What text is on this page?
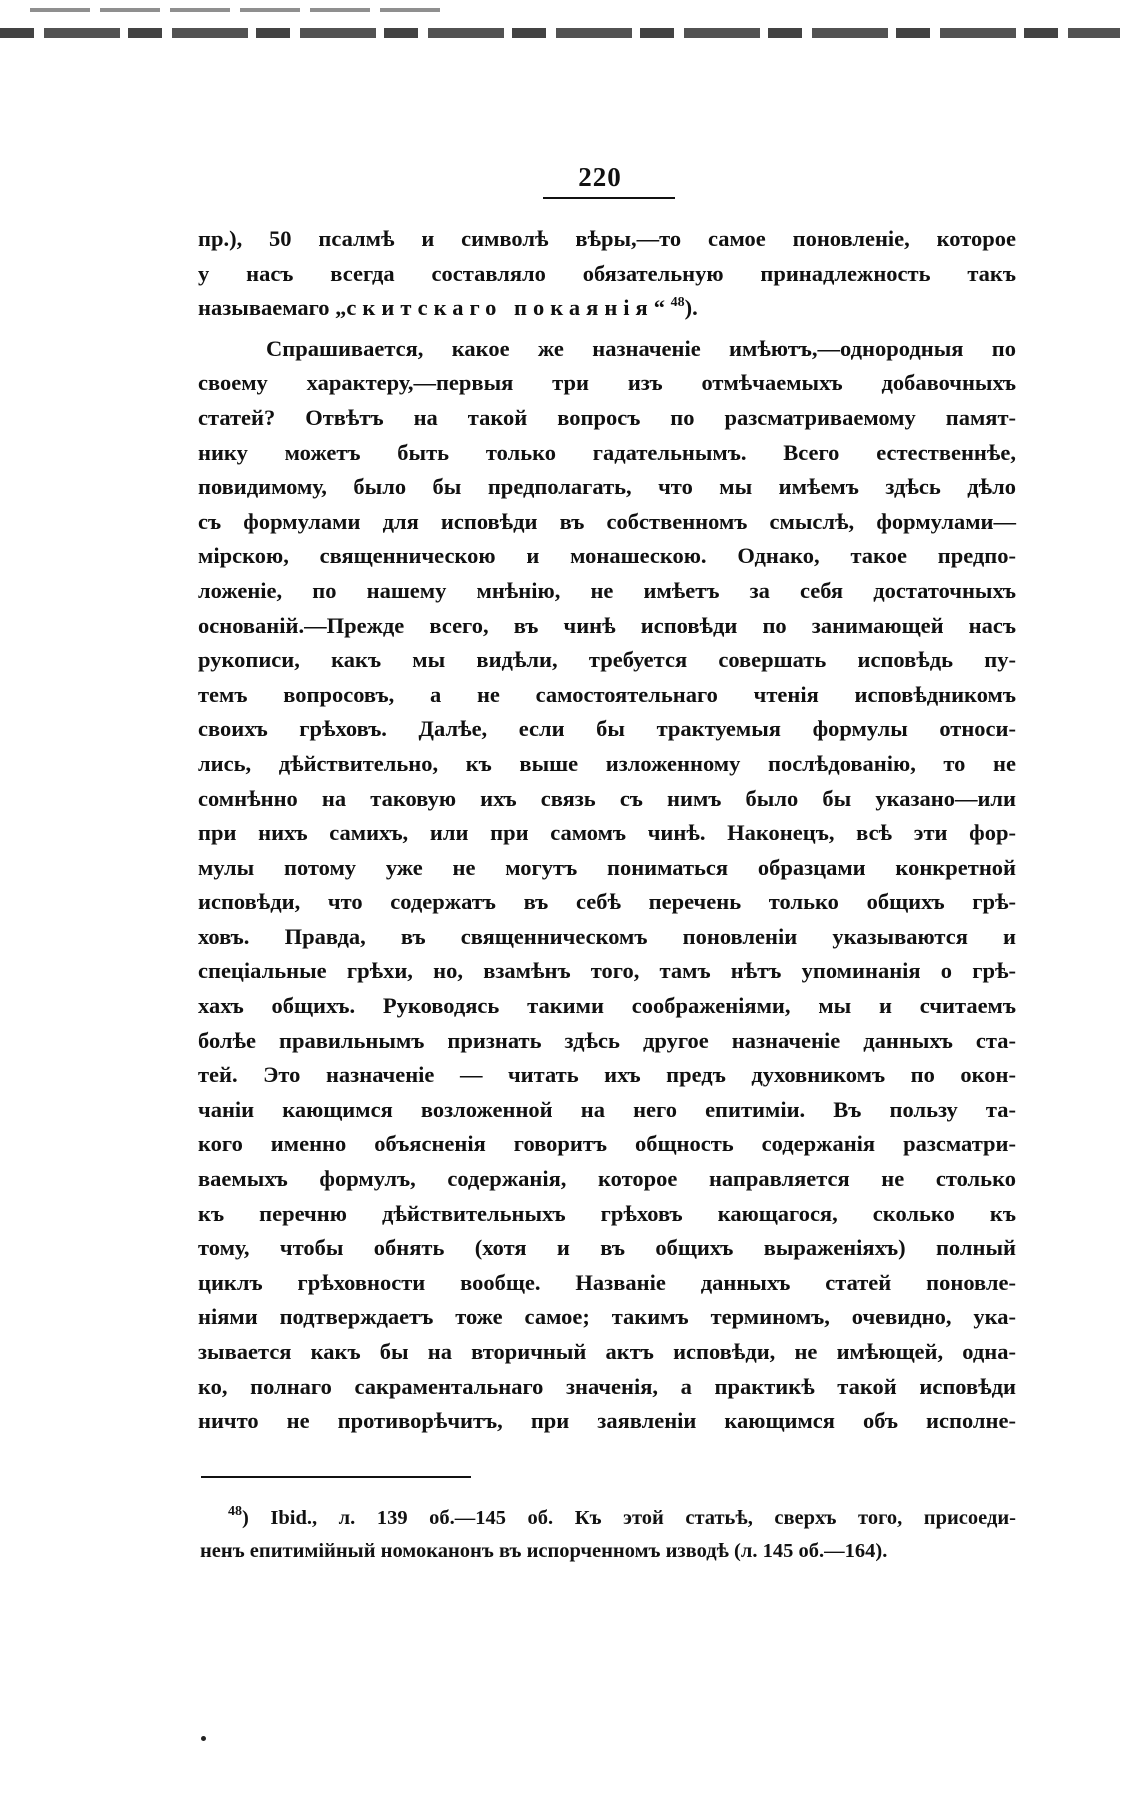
220

пр.), 50 псалмѣ и символѣ вѣры,—то самое поновленіе, которое

у насъ всегда составляло обязательную принадлежность такъ

называемаго „скитскаго покаянія“ $^{48}$).

Спрашивается, какое же назначеніе имѣютъ,—однородныя по

своему характеру,—первыя три изъ отмѣчаемыхъ добавочныхъ

статей? Отвѣтъ на такой вопросъ по разсматриваемому памят-

нику можетъ быть только гадательнымъ. Всего естественнѣе,

повидимому, было бы предполагать, что мы имѣемъ здѣсь дѣло

съ формулами для исповѣди въ собственномъ смыслѣ, формулами—

мірскою, священническою и монашескою. Однако, такое предпо-

ложеніе, по нашему мнѣнію, не имѣетъ за себя достаточныхъ

основаній.—Прежде всего, въ чинѣ исповѣди по занимающей насъ

рукописи, какъ мы видѣли, требуется совершать исповѣдь пу-

темъ вопросовъ, а не самостоятельнаго чтенія исповѣдникомъ

своихъ грѣховъ. Далѣе, если бы трактуемыя формулы относи-

лись, дѣйствительно, къ выше изложенному послѣдованію, то не

сомнѣнно на таковую ихъ связь съ нимъ было бы указано—или

при нихъ самихъ, или при самомъ чинѣ. Наконецъ, всѣ эти фор-

мулы потому уже не могутъ пониматься образцами конкретной

исповѣди, что содержатъ въ себѣ перечень только общихъ грѣ-

ховъ. Правда, въ священническомъ поновленіи указываются и

спеціальные грѣхи, но, взамѣнъ того, тамъ нѣтъ упоминанія о грѣ-

хахъ общихъ. Руководясь такими соображеніями, мы и считаемъ

болѣе правильнымъ признать здѣсь другое назначеніе данныхъ ста-

тей. Это назначеніе — читать ихъ предъ духовникомъ по окон-

чаніи кающимся возложенной на него епитиміи. Въ пользу та-

кого именно объясненія говоритъ общность содержанія разсматри-

ваемыхъ формулъ, содержанія, которое направляется не столько

къ перечню дѣйствительныхъ грѣховъ кающагося, сколько къ

тому, чтобы обнять (хотя и въ общихъ выраженіяхъ) полный

циклъ грѣховности вообще. Названіе данныхъ статей поновле-

ніями подтверждаетъ тоже самое; такимъ терминомъ, очевидно, ука-

зывается какъ бы на вторичный актъ исповѣди, не имѣющей, одна-

ко, полнаго сакраментальнаго значенія, а практикѣ такой исповѣди

ничто не противорѣчитъ, при заявленіи кающимся объ исполне-

$^{48}$) Ibid., л. 139 об.—145 об. Къ этой статьѣ, сверхъ того, присоеди-

ненъ епитимійный номоканонъ въ испорченномъ изводѣ (л. 145 об.—164).
